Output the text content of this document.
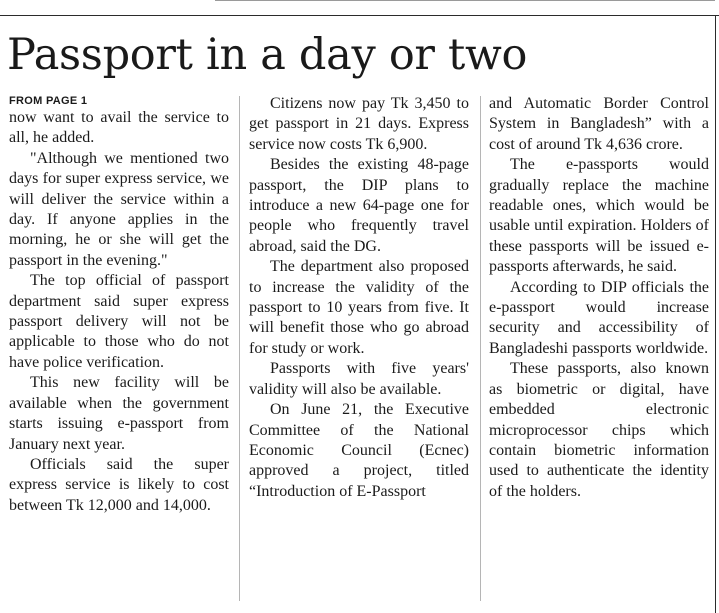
Passport in a day or two
FROM PAGE 1

now want to avail the service to all, he added.

"Although we mentioned two days for super express service, we will deliver the service within a day. If anyone applies in the morning, he or she will get the passport in the evening."

The top official of passport department said super express passport delivery will not be applicable to those who do not have police verification.

This new facility will be available when the government starts issuing e-passport from January next year.

Officials said the super express service is likely to cost between Tk 12,000 and 14,000.

Citizens now pay Tk 3,450 to get passport in 21 days. Express service now costs Tk 6,900.

Besides the existing 48-page passport, the DIP plans to introduce a new 64-page one for people who frequently travel abroad, said the DG.

The department also proposed to increase the validity of the passport to 10 years from five. It will benefit those who go abroad for study or work.

Passports with five years' validity will also be available.

On June 21, the Executive Committee of the National Economic Council (Ecnec) approved a project, titled “Introduction of E-Passport

and Automatic Border Control System in Bangladesh” with a cost of around Tk 4,636 crore.

The e-passports would gradually replace the machine readable ones, which would be usable until expiration. Holders of these passports will be issued e-passports afterwards, he said.

According to DIP officials the e-passport would increase security and accessibility of Bangladeshi passports worldwide.

These passports, also known as biometric or digital, have embedded electronic microprocessor chips which contain biometric information used to authenticate the identity of the holders.
